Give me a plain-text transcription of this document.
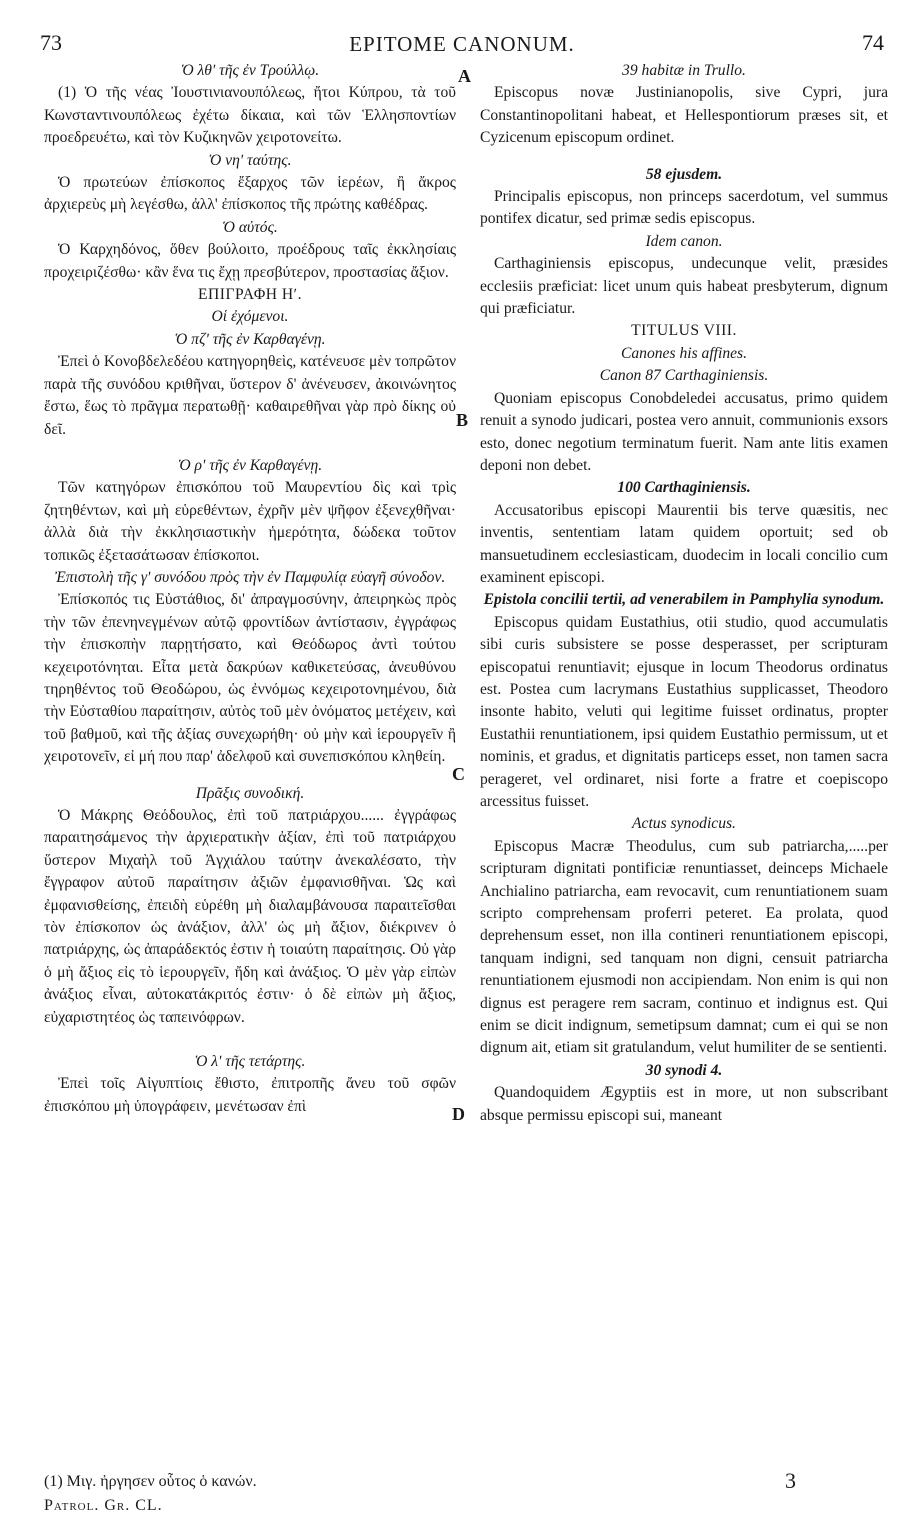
73	EPITOME CANONUM.	74
A
B
C
D

Ὁ λθʹ τῆς ἐν Τρούλλῳ.

(1) Ὁ τῆς νέας Ἰουστινιανουπόλεως, ἤτοι Κύπρου, τὰ τοῦ Κωνσταντινουπόλεως ἐχέτω δίκαια, καὶ τῶν Ἑλλησποντίων προεδρευέτω, καὶ τὸν Κυζικηνῶν χειροτονείτω.

Ὁ νηʹ ταύτης.

Ὁ πρωτεύων ἐπίσκοπος ἔξαρχος τῶν ἱερέων, ἢ ἄκρος ἀρχιερεὺς μὴ λεγέσθω, ἀλλ' ἐπίσκοπος τῆς πρώτης καθέδρας.

Ὁ αὐτός.

Ὁ Καρχηδόνος, ὅθεν βούλοιτο, προέδρους ταῖς ἐκκλησίαις προχειριζέσθω· κἂν ἕνα τις ἔχῃ πρεσβύτερον, προστασίας ἄξιον.

ΕΠΙΓΡΑΦΗ Ηʹ.

Οἱ ἐχόμενοι.

Ὁ πζʹ τῆς ἐν Καρθαγένῃ.

Ἐπεὶ ὁ Κονοβδελεδέου κατηγορηθεὶς, κατένευσε μὲν τοπρῶτον παρὰ τῆς συνόδου κριθῆναι, ὕστερον δ' ἀνένευσεν, ἀκοινώνητος ἔστω, ἕως τὸ πρᾶγμα περατωθῇ· καθαιρεθῆναι γὰρ πρὸ δίκης οὐ δεῖ.

Ὁ ρʹ τῆς ἐν Καρθαγένῃ.

Τῶν κατηγόρων ἐπισκόπου τοῦ Μαυρεντίου δὶς καὶ τρὶς ζητηθέντων, καὶ μὴ εὑρεθέντων, ἐχρῆν μὲν ψῆφον ἐξενεχθῆναι· ἀλλὰ διὰ τὴν ἐκκλησιαστικὴν ἡμερότητα, δώδεκα τοῦτον τοπικῶς ἐξετασάτωσαν ἐπίσκοποι.

Ἐπιστολὴ τῆς γʹ συνόδου πρὸς τὴν ἐν Παμφυλίᾳ εὐαγῆ σύνοδον.

Ἐπίσκοπός τις Εὐστάθιος, δι' ἀπραγμοσύνην, ἀπειρηκὼς πρὸς τὴν τῶν ἐπενηνεγμένων αὐτῷ φροντίδων ἀντίστασιν, ἐγγράφως τὴν ἐπισκοπὴν παρῃτήσατο, καὶ Θεόδωρος ἀντὶ τούτου κεχειροτόνηται. Εἶτα μετὰ δακρύων καθικετεύσας, ἀνευθύνου τηρηθέντος τοῦ Θεοδώρου, ὡς ἐννόμως κεχειροτονημένου, διὰ τὴν Εὐσταθίου παραίτησιν, αὐτὸς τοῦ μὲν ὀνόματος μετέχειν, καὶ τοῦ βαθμοῦ, καὶ τῆς ἀξίας συνεχωρήθη· οὐ μὴν καὶ ἱερουργεῖν ἢ χειροτονεῖν, εἰ μή που παρ' ἀδελφοῦ καὶ συνεπισκόπου κληθείη.

Πρᾶξις συνοδική.

Ὁ Μάκρης Θεόδουλος, ἐπὶ τοῦ πατριάρχου...... ἐγγράφως παραιτησάμενος τὴν ἀρχιερατικὴν ἀξίαν, ἐπὶ τοῦ πατριάρχου ὕστερον Μιχαὴλ τοῦ Ἀγχιάλου ταύτην ἀνεκαλέσατο, τὴν ἔγγραφον αὐτοῦ παραίτησιν ἀξιῶν ἐμφανισθῆναι. Ὡς καὶ ἐμφανισθείσης, ἐπειδὴ εὑρέθη μὴ διαλαμβάνουσα παραιτεῖσθαι τὸν ἐπίσκοπον ὡς ἀνάξιον, ἀλλ' ὡς μὴ ἄξιον, διέκρινεν ὁ πατριάρχης, ὡς ἀπαράδεκτός ἐστιν ἡ τοιαύτη παραίτησις. Οὐ γὰρ ὁ μὴ ἄξιος εἰς τὸ ἱερουργεῖν, ἤδη καὶ ἀνάξιος. Ὁ μὲν γὰρ εἰπὼν ἀνάξιος εἶναι, αὐτοκατάκριτός ἐστιν· ὁ δὲ εἰπὼν μὴ ἄξιος, εὐχαριστητέος ὡς ταπεινόφρων.

Ὁ λʹ τῆς τετάρτης.

Ἐπεὶ τοῖς Αἰγυπτίοις ἔθιστο, ἐπιτροπῆς ἄνευ τοῦ σφῶν ἐπισκόπου μὴ ὑπογράφειν, μενέτωσαν ἐπὶ

39 habitæ in Trullo.

Episcopus novæ Justinianopolis, sive Cypri, jura Constantinopolitani habeat, et Hellespontiorum præses sit, et Cyzicenum episcopum ordinet.

58 ejusdem.

Principalis episcopus, non princeps sacerdotum, vel summus pontifex dicatur, sed primæ sedis episcopus.

Idem canon.

Carthaginiensis episcopus, undecunque velit, præsides ecclesiis præficiat: licet unum quis habeat presbyterum, dignum qui præficiatur.

TITULUS VIII.

Canones his affines.

Canon 87 Carthaginiensis.

Quoniam episcopus Conobdeledei accusatus, primo quidem renuit a synodo judicari, postea vero annuit, communionis exsors esto, donec negotium terminatum fuerit. Nam ante litis examen deponi non debet.

100 Carthaginiensis.

Accusatoribus episcopi Maurentii bis terve quæsitis, nec inventis, sententiam latam quidem oportuit; sed ob mansuetudinem ecclesiasticam, duodecim in locali concilio cum examinent episcopi.

Epistola concilii tertii, ad venerabilem in Pamphylia synodum.

Episcopus quidam Eustathius, otii studio, quod accumulatis sibi curis subsistere se posse desperasset, per scripturam episcopatui renuntiavit; ejusque in locum Theodorus ordinatus est. Postea cum lacrymans Eustathius supplicasset, Theodoro insonte habito, veluti qui legitime fuisset ordinatus, propter Eustathii renuntiationem, ipsi quidem Eustathio permissum, ut et nominis, et gradus, et dignitatis particeps esset, non tamen sacra perageret, vel ordinaret, nisi forte a fratre et coepiscopo arcessitus fuisset.

Actus synodicus.

Episcopus Macræ Theodulus, cum sub patriarcha,.....per scripturam dignitati pontificiæ renuntiasset, deinceps Michaele Anchialino patriarcha, eam revocavit, cum renuntiationem suam scripto comprehensam proferri peteret. Ea prolata, quod deprehensum esset, non illa contineri renuntiationem episcopi, tanquam indigni, sed tanquam non digni, censuit patriarcha renuntiationem ejusmodi non accipiendam. Non enim is qui non dignus est peragere rem sacram, continuo et indignus est. Qui enim se dicit indignum, semetipsum damnat; cum ei qui se non dignum ait, etiam sit gratulandum, velut humiliter de se sentienti.

30 synodi 4.

Quandoquidem Ægyptiis est in more, ut non subscribant absque permissu episcopi sui, maneant

(1) Μιγ. ἠργησεν οὗτος ὁ κανών.
Patrol. Gr. CL.
3
